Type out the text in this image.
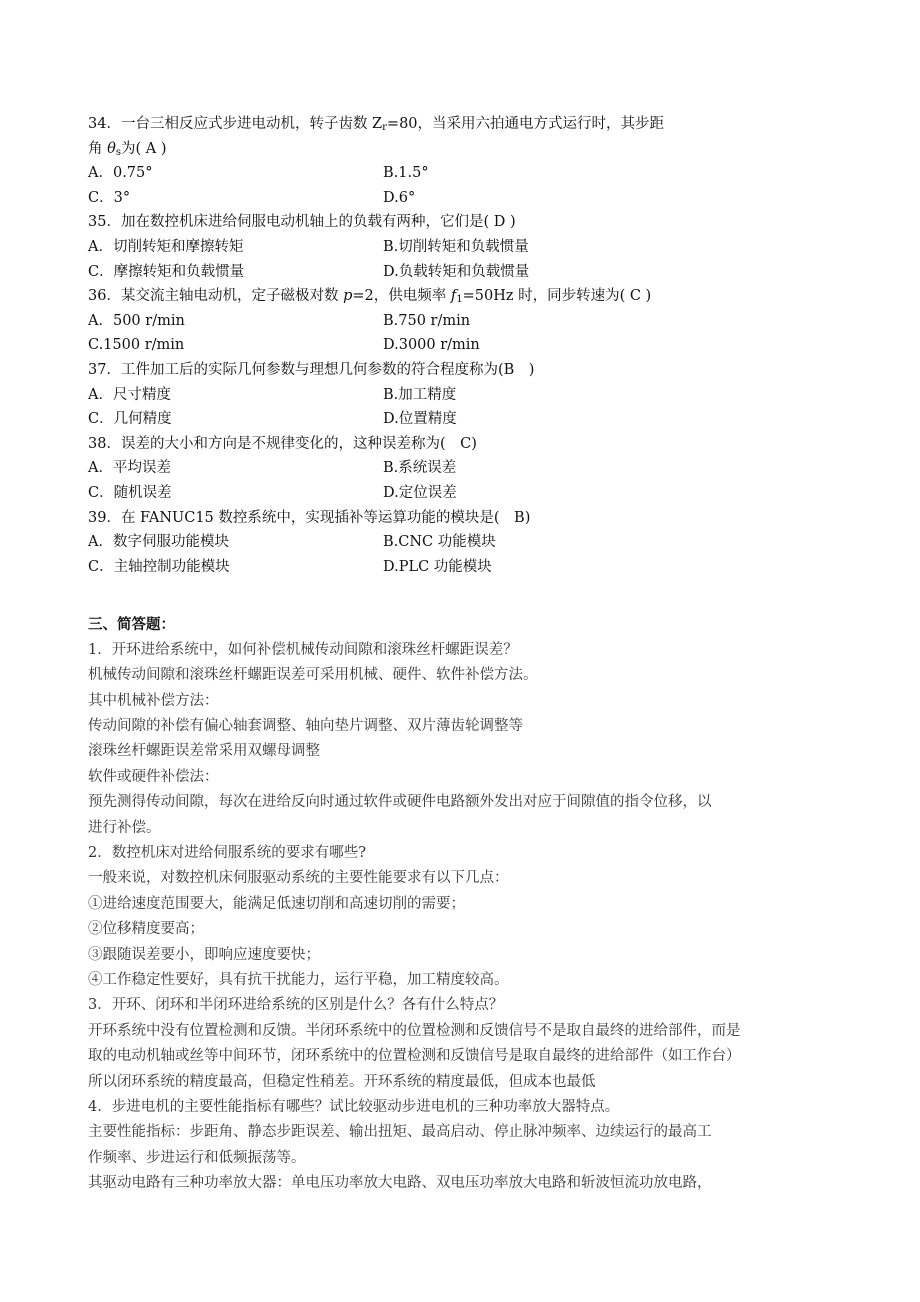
34．一台三相反应式步进电动机，转子齿数 $Z_r=80$，当采用六拍通电方式运行时，其步距
角 $\theta_s$为( A )
A．0.75°	B.1.5°
C．3°	D.6°
35．加在数控机床进给伺服电动机轴上的负载有两种，它们是( D )
A．切削转矩和摩擦转矩	B.切削转矩和负载惯量
C．摩擦转矩和负载惯量	D.负载转矩和负载惯量
36．某交流主轴电动机，定子磁极对数 p=2，供电频率 $f_1=50Hz$ 时，同步转速为( C )
A．500 r/min	B.750 r/min
C.1500 r/min	D.3000 r/min
37．工件加工后的实际几何参数与理想几何参数的符合程度称为(B　)
A．尺寸精度	B.加工精度
C．几何精度	D.位置精度
38．误差的大小和方向是不规律变化的，这种误差称为(　C)
A．平均误差	B.系统误差
C．随机误差	D.定位误差
39．在 FANUC15 数控系统中，实现插补等运算功能的模块是(　B)
A．数字伺服功能模块	B.CNC 功能模块
C．主轴控制功能模块	D.PLC 功能模块
三、简答题：
1．开环进给系统中，如何补偿机械传动间隙和滚珠丝杆螺距误差？
机械传动间隙和滚珠丝杆螺距误差可采用机械、硬件、软件补偿方法。
其中机械补偿方法：
传动间隙的补偿有偏心轴套调整、轴向垫片调整、双片薄齿轮调整等
滚珠丝杆螺距误差常采用双螺母调整
软件或硬件补偿法：
预先测得传动间隙，每次在进给反向时通过软件或硬件电路额外发出对应于间隙值的指令位移，以
进行补偿。
2．数控机床对进给伺服系统的要求有哪些?
一般来说，对数控机床伺服驱动系统的主要性能要求有以下几点：
①进给速度范围要大，能满足低速切削和高速切削的需要；
②位移精度要高；
③跟随误差要小，即响应速度要快；
④工作稳定性要好，具有抗干扰能力，运行平稳，加工精度较高。
3．开环、闭环和半闭环进给系统的区别是什么？各有什么特点？
开环系统中没有位置检测和反馈。半闭环系统中的位置检测和反馈信号不是取自最终的进给部件，而是
取的电动机轴或丝等中间环节，闭环系统中的位置检测和反馈信号是取自最终的进给部件（如工作台）
所以闭环系统的精度最高，但稳定性稍差。开环系统的精度最低，但成本也最低
4．步进电机的主要性能指标有哪些？试比较驱动步进电机的三种功率放大器特点。
主要性能指标：步距角、静态步距误差、输出扭矩、最高启动、停止脉冲频率、边续运行的最高工
作频率、步进运行和低频振荡等。
其驱动电路有三种功率放大器：单电压功率放大电路、双电压功率放大电路和斩波恒流功放电路，
